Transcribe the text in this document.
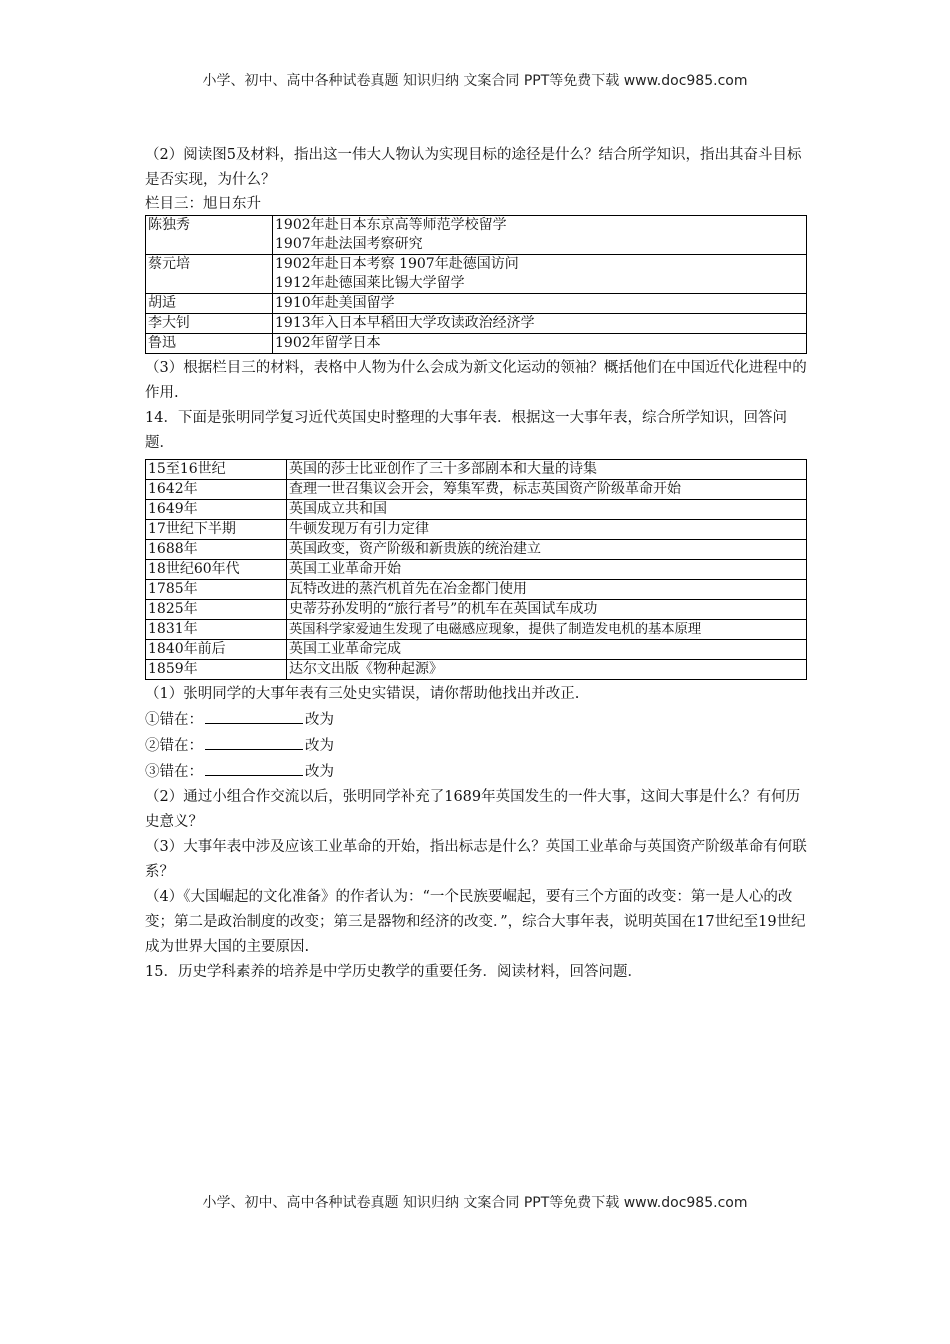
小学、初中、高中各种试卷真题 知识归纳 文案合同 PPT等免费下载 www.doc985.com

（2）阅读图5及材料，指出这一伟大人物认为实现目标的途径是什么？结合所学知识，指出其奋斗目标是否实现，为什么？

栏目三：旭日东升

陈独秀	1902年赴日本东京高等师范学校留学
1907年赴法国考察研究

蔡元培	1902年赴日本考察 1907年赴德国访问
1912年赴德国莱比锡大学留学

胡适	1910年赴美国留学

李大钊	1913年入日本早稻田大学攻读政治经济学

鲁迅	1902年留学日本

（3）根据栏目三的材料，表格中人物为什么会成为新文化运动的领袖？概括他们在中国近代化进程中的作用.

14．下面是张明同学复习近代英国史时整理的大事年表．根据这一大事年表，综合所学知识，回答问题．

15至16世纪	英国的莎士比亚创作了三十多部剧本和大量的诗集
1642年	查理一世召集议会开会，筹集军费，标志英国资产阶级革命开始
1649年	英国成立共和国
17世纪下半期	牛顿发现万有引力定律
1688年	英国政变，资产阶级和新贵族的统治建立
18世纪60年代	英国工业革命开始
1785年	瓦特改进的蒸汽机首先在冶金都门使用
1825年	史蒂芬孙发明的“旅行者号”的机车在英国试车成功
1831年	英国科学家爱迪生发现了电磁感应现象，提供了制造发电机的基本原理
1840年前后	英国工业革命完成
1859年	达尔文出版《物种起源》

（1）张明同学的大事年表有三处史实错误，请你帮助他找出并改正.

①错在：	改为

②错在：	改为

③错在：	改为

（2）通过小组合作交流以后，张明同学补充了1689年英国发生的一件大事，这间大事是什么？有何历史意义？

（3）大事年表中涉及应该工业革命的开始，指出标志是什么？英国工业革命与英国资产阶级革命有何联系？

（4）《大国崛起的文化准备》的作者认为：“一个民族要崛起，要有三个方面的改变：第一是人心的改变；第二是政治制度的改变；第三是器物和经济的改变．”，综合大事年表，说明英国在17世纪至19世纪成为世界大国的主要原因.

15．历史学科素养的培养是中学历史教学的重要任务．阅读材料，回答问题．

小学、初中、高中各种试卷真题 知识归纳 文案合同 PPT等免费下载 www.doc985.com
